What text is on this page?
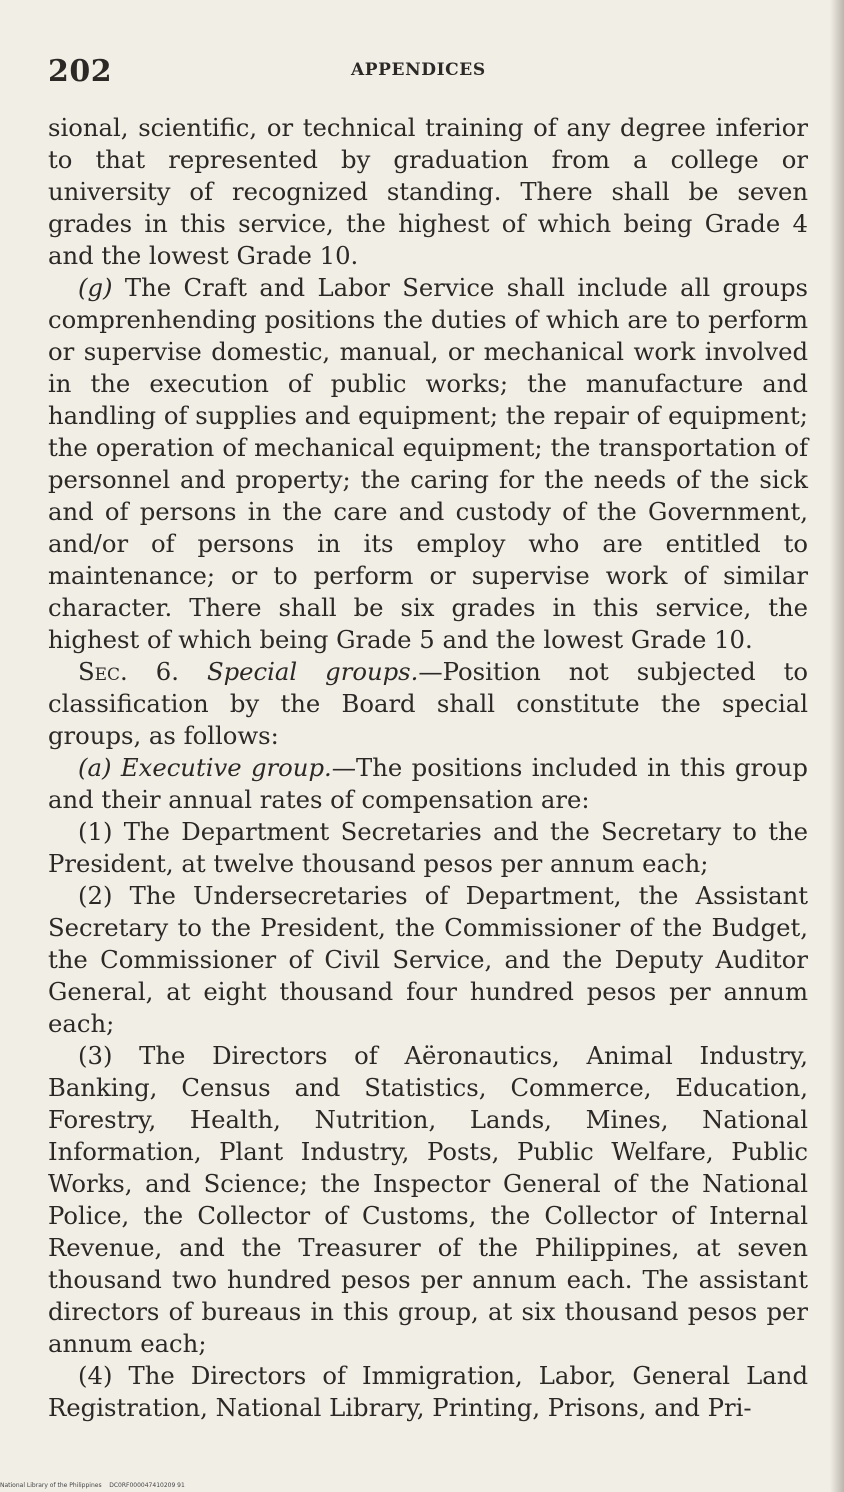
202	APPENDICES

sional, scientific, or technical training of any degree inferior to that represented by graduation from a college or university of recognized standing. There shall be seven grades in this service, the highest of which being Grade 4 and the lowest Grade 10.

(g) The Craft and Labor Service shall include all groups comprenhending positions the duties of which are to perform or supervise domestic, manual, or mechanical work involved in the execution of public works; the manufacture and handling of supplies and equipment; the repair of equipment; the operation of mechanical equipment; the transportation of personnel and property; the caring for the needs of the sick and of persons in the care and custody of the Government, and/or of persons in its employ who are entitled to maintenance; or to perform or supervise work of similar character. There shall be six grades in this service, the highest of which being Grade 5 and the lowest Grade 10.

Sec. 6. Special groups.—Position not subjected to classification by the Board shall constitute the special groups, as follows:

(a) Executive group.—The positions included in this group and their annual rates of compensation are:

(1) The Department Secretaries and the Secretary to the President, at twelve thousand pesos per annum each;

(2) The Undersecretaries of Department, the Assistant Secretary to the President, the Commissioner of the Budget, the Commissioner of Civil Service, and the Deputy Auditor General, at eight thousand four hundred pesos per annum each;

(3) The Directors of Aëronautics, Animal Industry, Banking, Census and Statistics, Commerce, Education, Forestry, Health, Nutrition, Lands, Mines, National Information, Plant Industry, Posts, Public Welfare, Public Works, and Science; the Inspector General of the National Police, the Collector of Customs, the Collector of Internal Revenue, and the Treasurer of the Philippines, at seven thousand two hundred pesos per annum each. The assistant directors of bureaus in this group, at six thousand pesos per annum each;

(4) The Directors of Immigration, Labor, General Land Registration, National Library, Printing, Prisons, and Pri-

National Library of the Philippines DC0RF000047410209 91
